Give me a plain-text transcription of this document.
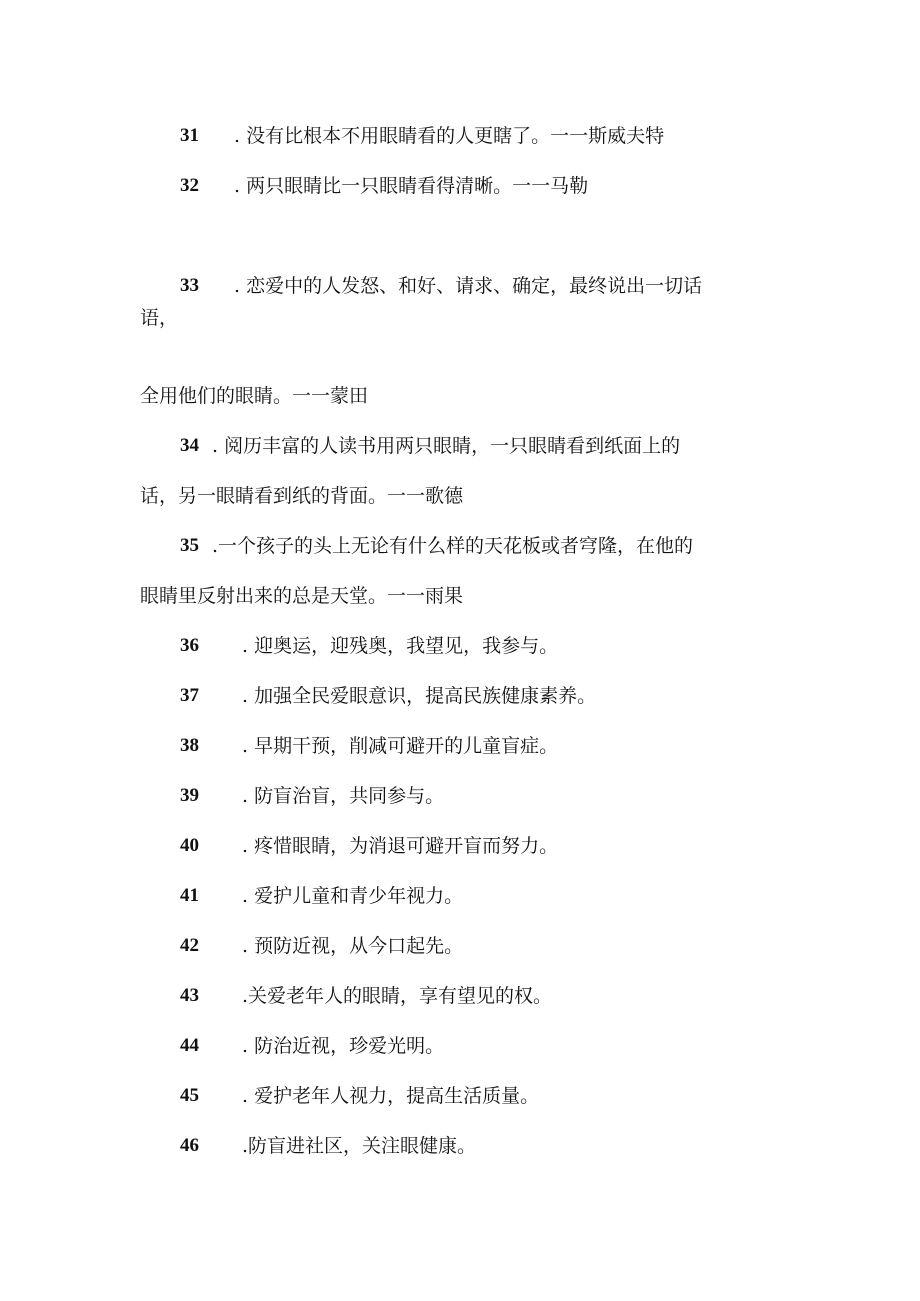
31 . 没有比根本不用眼睛看的人更瞎了。一一斯威夫特
32 . 两只眼睛比一只眼睛看得清晰。一一马勒
33 . 恋爱中的人发怒、和好、请求、确定，最终说出一切话
语，
全用他们的眼睛。一一蒙田
34 . 阅历丰富的人读书用两只眼睛，一只眼睛看到纸面上的
话，另一眼睛看到纸的背面。一一歌德
35 .一个孩子的头上无论有什么样的天花板或者穹隆，在他的
眼睛里反射出来的总是天堂。一一雨果
36 . 迎奥运，迎残奥，我望见，我参与。
37 . 加强全民爱眼意识，提高民族健康素养。
38 . 早期干预，削减可避开的儿童盲症。
39 . 防盲治盲，共同参与。
40 . 疼惜眼睛，为消退可避开盲而努力。
41 . 爱护儿童和青少年视力。
42 . 预防近视，从今口起先。
43 .关爱老年人的眼睛，享有望见的权。
44 . 防治近视，珍爱光明。
45 . 爱护老年人视力，提高生活质量。
46 .防盲进社区，关注眼健康。
